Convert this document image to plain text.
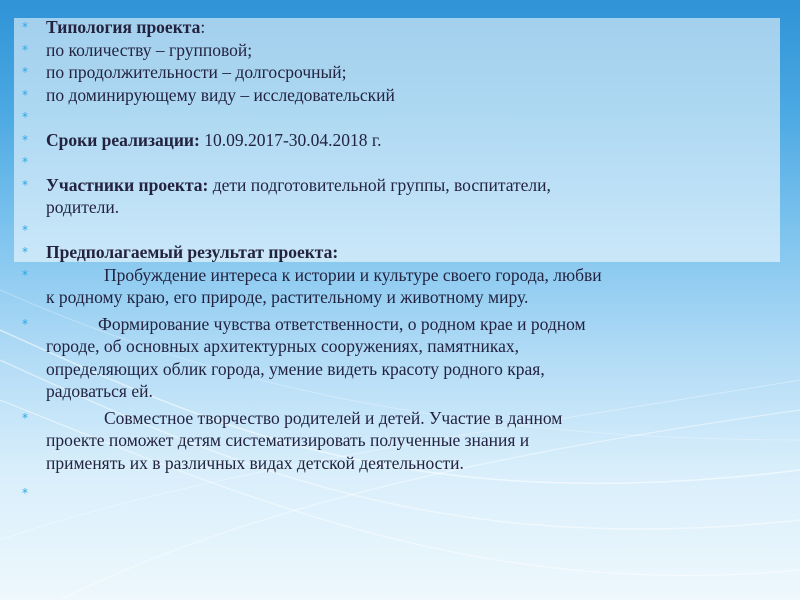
*	Типология проекта:
*	по количеству – групповой;
*	по продолжительности – долгосрочный;
*	по доминирующему виду – исследовательский
*

*	Сроки реализации: 10.09.2017-30.04.2018 г.
*

*	Участники проекта: дети подготовительной группы, воспитатели,
родители.
*

*	Предполагаемый результат проекта:
*	Пробуждение интереса к истории и культуре своего города, любви
к родному краю, его природе, растительному и животному миру.
*	Формирование чувства ответственности, о родном крае и родном
городе, об основных архитектурных сооружениях, памятниках,
определяющих облик города, умение видеть красоту родного края,
радоваться ей.
*	Совместное творчество родителей и детей. Участие в данном
проекте поможет детям систематизировать полученные знания и
применять их в различных видах детской деятельности.
*
